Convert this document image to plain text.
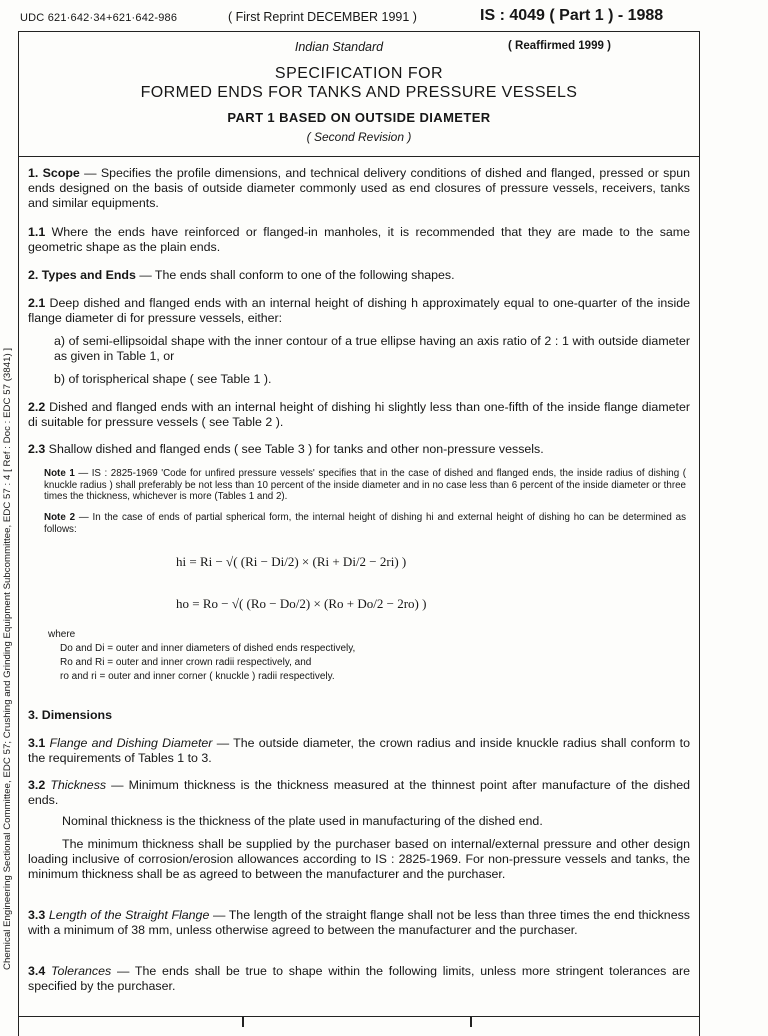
UDC 621·642·34+621·642-986	( First Reprint DECEMBER 1991 )	IS : 4049 ( Part 1 ) - 1988
Chemical Engineering Sectional Committee, EDC 57; Crushing and Grinding Equipment Subcommittee, EDC 57 : 4 [ Ref : Doc : EDC 57 (3841) ]
Indian Standard	( Reaffirmed 1999 )
SPECIFICATION FOR
FORMED ENDS FOR TANKS AND PRESSURE VESSELS
PART 1 BASED ON OUTSIDE DIAMETER
( Second Revision )

1. Scope — Specifies the profile dimensions, and technical delivery conditions of dished and flanged, pressed or spun ends designed on the basis of outside diameter commonly used as end closures of pressure vessels, receivers, tanks and similar equipments.

1.1 Where the ends have reinforced or flanged-in manholes, it is recommended that they are made to the same geometric shape as the plain ends.

2. Types and Ends — The ends shall conform to one of the following shapes.

2.1 Deep dished and flanged ends with an internal height of dishing h approximately equal to one-quarter of the inside flange diameter di for pressure vessels, either:

a) of semi-ellipsoidal shape with the inner contour of a true ellipse having an axis ratio of 2 : 1 with outside diameter as given in Table 1, or

b) of torispherical shape ( see Table 1 ).

2.2 Dished and flanged ends with an internal height of dishing hi slightly less than one-fifth of the inside flange diameter di suitable for pressure vessels ( see Table 2 ).

2.3 Shallow dished and flanged ends ( see Table 3 ) for tanks and other non-pressure vessels.

Note 1 — IS : 2825-1969 'Code for unfired pressure vessels' specifies that in the case of dished and flanged ends, the inside radius of dishing ( knuckle radius ) shall preferably be not less than 10 percent of the inside diameter and in no case less than 6 percent of the inside diameter or three times the thickness, whichever is more (Tables 1 and 2).

Note 2 — In the case of ends of partial spherical form, the internal height of dishing hi and external height of dishing ho can be determined as follows:

hi = Ri − √( (Ri − Di/2) × (Ri + Di/2 − 2ri) )
ho = Ro − √( (Ro − Do/2) × (Ro + Do/2 − 2ro) )
where
Do and Di = outer and inner diameters of dished ends respectively,
Ro and Ri = outer and inner crown radii respectively, and
ro and ri = outer and inner corner ( knuckle ) radii respectively.

3. Dimensions

3.1 Flange and Dishing Diameter — The outside diameter, the crown radius and inside knuckle radius shall conform to the requirements of Tables 1 to 3.

3.2 Thickness — Minimum thickness is the thickness measured at the thinnest point after manufacture of the dished ends.

Nominal thickness is the thickness of the plate used in manufacturing of the dished end.

The minimum thickness shall be supplied by the purchaser based on internal/external pressure and other design loading inclusive of corrosion/erosion allowances according to IS : 2825-1969. For non-pressure vessels and tanks, the minimum thickness shall be as agreed to between the manufacturer and the purchaser.

3.3 Length of the Straight Flange — The length of the straight flange shall not be less than three times the end thickness with a minimum of 38 mm, unless otherwise agreed to between the manufacturer and the purchaser.

3.4 Tolerances — The ends shall be true to shape within the following limits, unless more stringent tolerances are specified by the purchaser.
